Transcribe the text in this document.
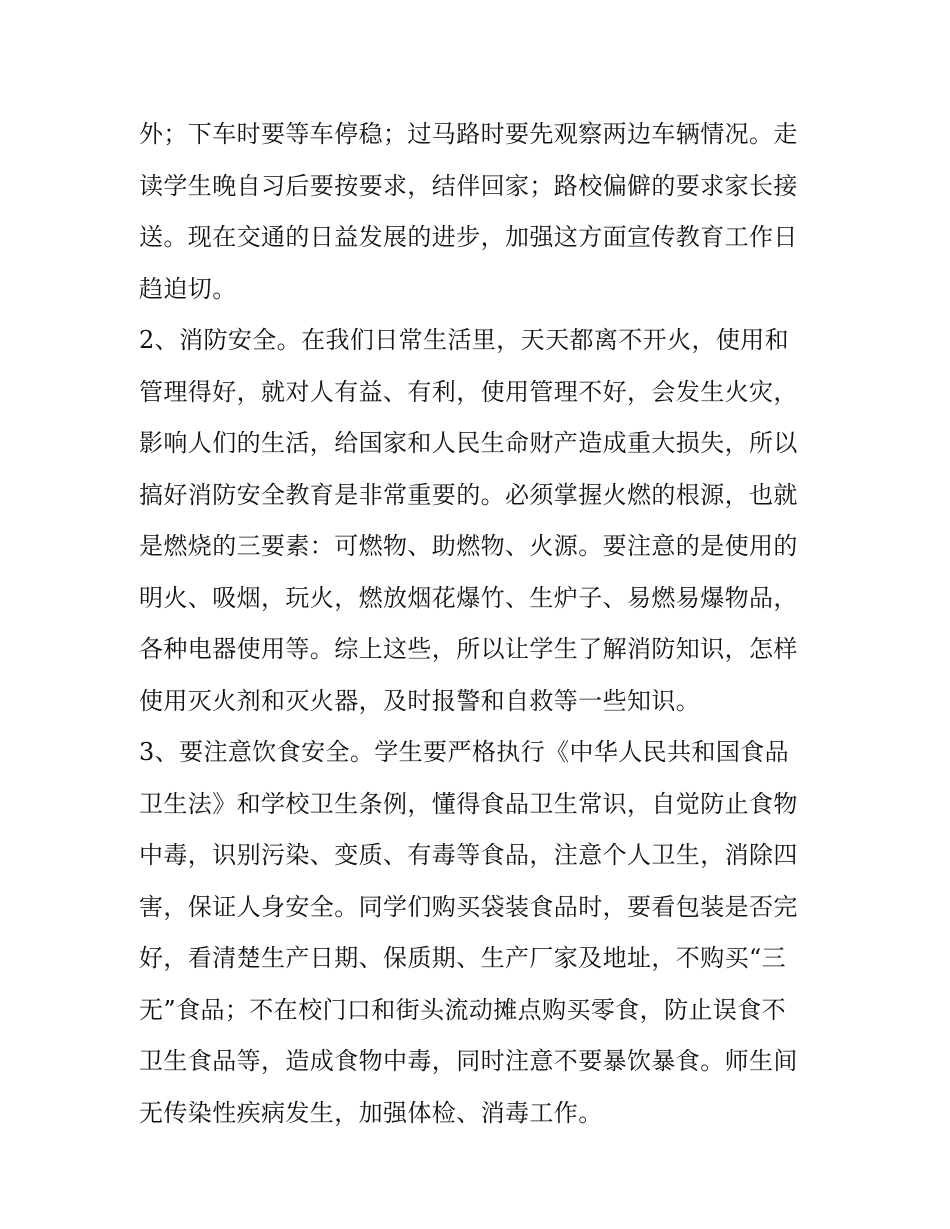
外；下车时要等车停稳；过马路时要先观察两边车辆情况。走
读学生晚自习后要按要求，结伴回家；路校偏僻的要求家长接
送。现在交通的日益发展的进步，加强这方面宣传教育工作日
趋迫切。
2、消防安全。在我们日常生活里，天天都离不开火，使用和
管理得好，就对人有益、有利，使用管理不好，会发生火灾，
影响人们的生活，给国家和人民生命财产造成重大损失，所以
搞好消防安全教育是非常重要的。必须掌握火燃的根源，也就
是燃烧的三要素：可燃物、助燃物、火源。要注意的是使用的
明火、吸烟，玩火，燃放烟花爆竹、生炉子、易燃易爆物品，
各种电器使用等。综上这些，所以让学生了解消防知识，怎样
使用灭火剂和灭火器，及时报警和自救等一些知识。
3、要注意饮食安全。学生要严格执行《中华人民共和国食品
卫生法》和学校卫生条例，懂得食品卫生常识，自觉防止食物
中毒，识别污染、变质、有毒等食品，注意个人卫生，消除四
害，保证人身安全。同学们购买袋装食品时，要看包装是否完
好，看清楚生产日期、保质期、生产厂家及地址，不购买“三
无”食品；不在校门口和街头流动摊点购买零食，防止误食不
卫生食品等，造成食物中毒，同时注意不要暴饮暴食。师生间
无传染性疾病发生，加强体检、消毒工作。
